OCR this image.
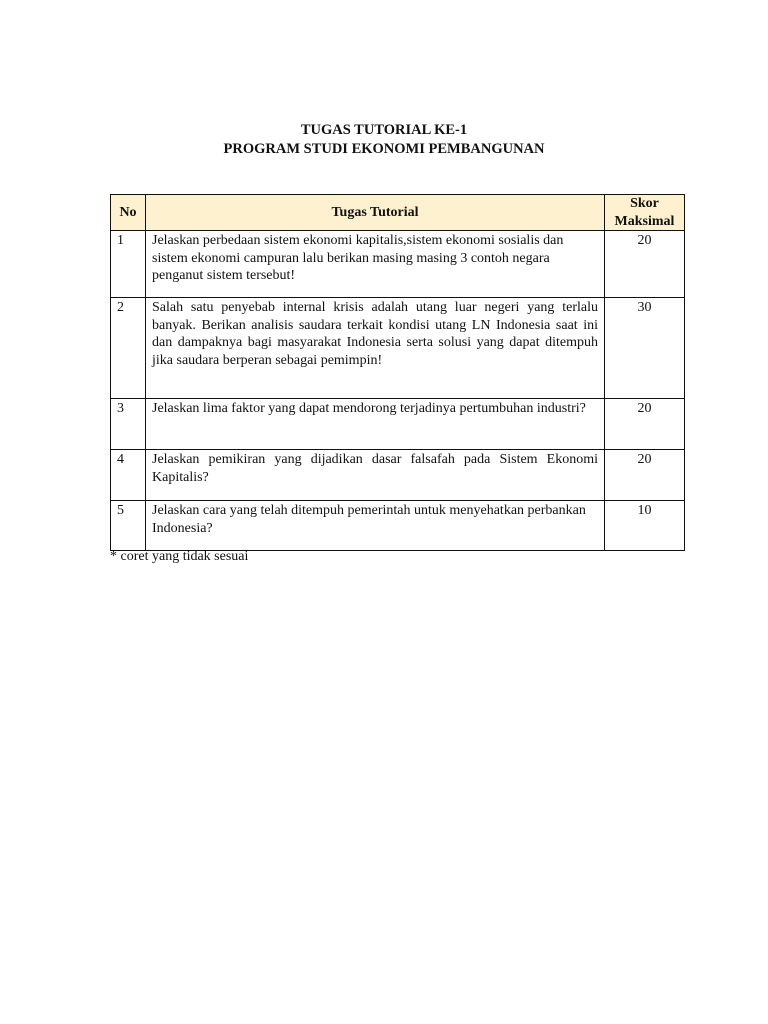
TUGAS TUTORIAL KE-1
PROGRAM STUDI EKONOMI PEMBANGUNAN
No	Tugas Tutorial	Skor Maksimal
1	Jelaskan perbedaan sistem ekonomi kapitalis,sistem ekonomi sosialis dan sistem ekonomi campuran lalu berikan masing masing 3 contoh negara penganut sistem tersebut!	20
2	Salah satu penyebab internal krisis adalah utang luar negeri yang terlalu banyak. Berikan analisis saudara terkait kondisi utang LN Indonesia saat ini dan dampaknya bagi masyarakat Indonesia serta solusi yang dapat ditempuh jika saudara berperan sebagai pemimpin!	30
3	Jelaskan lima faktor yang dapat mendorong terjadinya pertumbuhan industri?	20
4	Jelaskan pemikiran yang dijadikan dasar falsafah pada Sistem Ekonomi Kapitalis?	20
5	Jelaskan cara yang telah ditempuh pemerintah untuk menyehatkan perbankan Indonesia?	10
* coret yang tidak sesuai
